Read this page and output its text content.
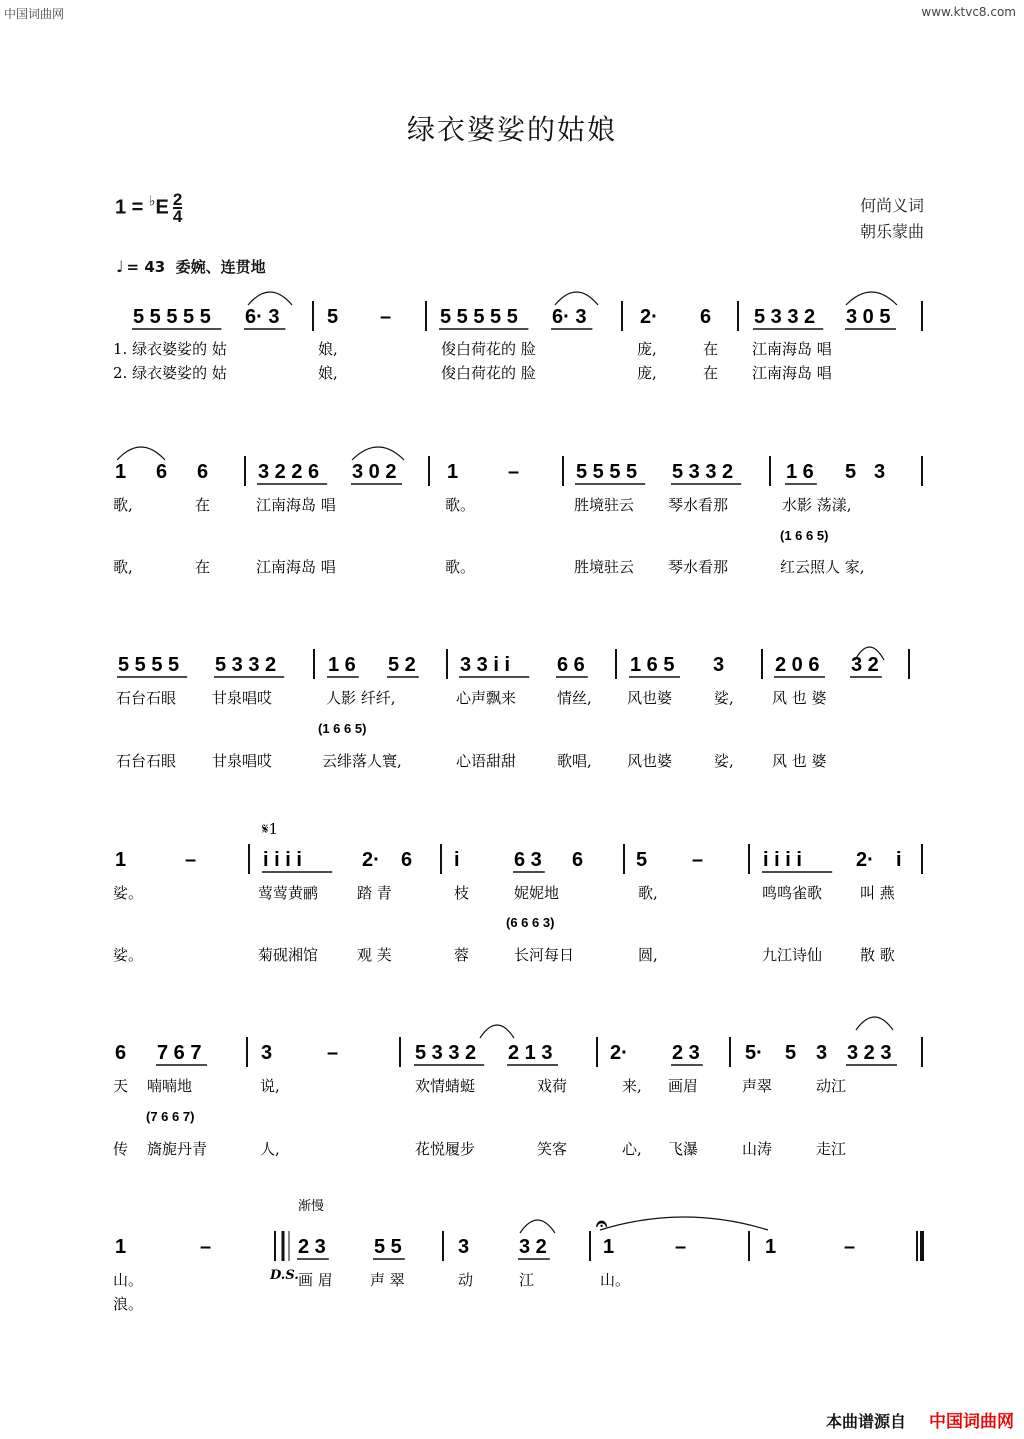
中国词曲网	www.ktvc8.com
绿衣婆娑的姑娘
$1 = ^♭E \frac{2}{4}$	何尚义词
朝乐蒙曲
♩ = 43 委婉、连贯地
5 5 5 5 5 6· 3 5 – 5 5 5 5 5 6· 3	2· 6 5 3 3 2 3 0 5
1. 绿衣婆娑的 姑	娘,	俊白荷花的 脸	庞,	在 江南海岛 唱
2. 绿衣婆娑的 姑	娘,	俊白荷花的 脸	庞,	在 江南海岛 唱
1 6 6 3 2 2 6 3 0 2	1 –	5 5 5 5 5 3 3 2	1 6 5 3
歌,	在	江南海岛 唱	歌。	胜境驻云 琴水看那	水影 荡漾,
歌,	在	江南海岛 唱	歌。	胜境驻云 琴水看那	红云照人 家,
(1 6 6 5)
5 5 5 5 5 3 3 2	1 6 5 2 3 3 i i 6 6 1 6 5 3	2 0 6 3 2
石台石眼 甘泉唱哎	人影 纤纤,	心声飘来	情丝, 风也婆	娑,	风 也 婆
石台石眼 甘泉唱哎	云绯落人寰,	心语甜甜	歌唱, 风也婆	娑,	风 也 婆
(1 6 6 5)
1	–	i i i i	2· 6 i	6 3 6	5 –	i i i i	2· i
娑。	莺莺黄鹂	踏 青	枝	妮妮地	歌,	鸣鸣雀歌	叫 燕
娑。	菊砚湘馆	观 芙	蓉	长河每日	圆,	九江诗仙	散 歌
(6 6 6 3)
6 7 6 7	3	–	5 3 3 2 2 1 3	2· 2 3 5· 5 3 3 2 3
天 喃喃地	说,	欢情蜻蜓	戏荷	来, 画眉	声翠	动江
传 旖旎丹青	人,	花悦履步	笑客	心, 飞瀑	山涛	走江
(7 6 6 7)
1	–	2 3 5 5	3 3 2	1	–	1	–
山。	画 眉 声 翠	动	江	山。
浪。
𝄋1
D.S.
渐慢
𝄐
本曲谱源自 中国词曲网
